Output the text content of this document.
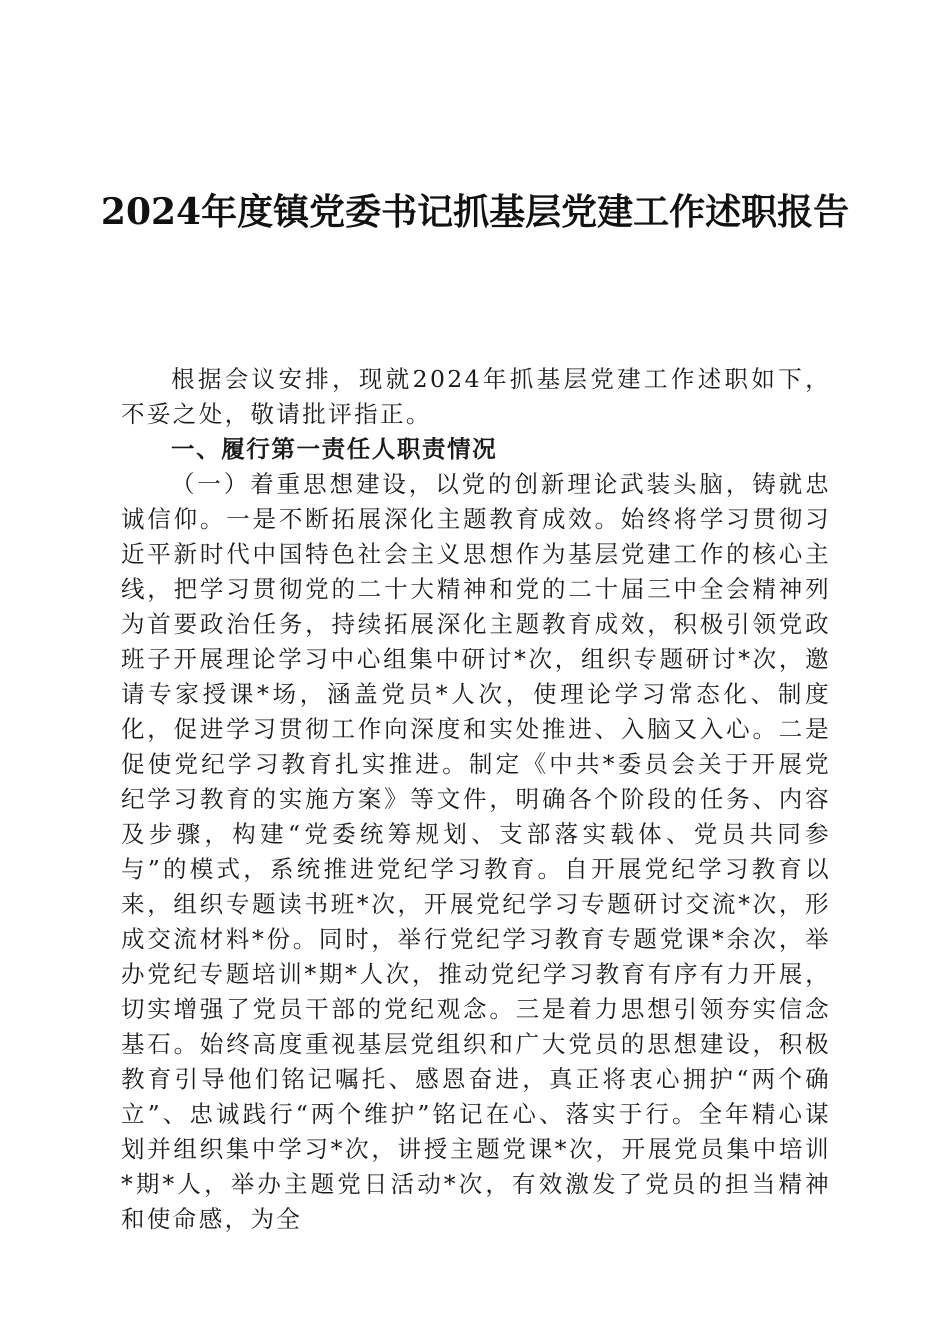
2024年度镇党委书记抓基层党建工作述职报告

根据会议安排，现就2024年抓基层党建工作述职如下，不妥之处，敬请批评指正。

一、履行第一责任人职责情况

（一）着重思想建设，以党的创新理论武装头脑，铸就忠诚信仰。一是不断拓展深化主题教育成效。始终将学习贯彻习近平新时代中国特色社会主义思想作为基层党建工作的核心主线，把学习贯彻党的二十大精神和党的二十届三中全会精神列为首要政治任务，持续拓展深化主题教育成效，积极引领党政班子开展理论学习中心组集中研讨*次，组织专题研讨*次，邀请专家授课*场，涵盖党员*人次，使理论学习常态化、制度化，促进学习贯彻工作向深度和实处推进、入脑又入心。二是促使党纪学习教育扎实推进。制定《中共*委员会关于开展党纪学习教育的实施方案》等文件，明确各个阶段的任务、内容及步骤，构建“党委统筹规划、支部落实载体、党员共同参与”的模式，系统推进党纪学习教育。自开展党纪学习教育以来，组织专题读书班*次，开展党纪学习专题研讨交流*次，形成交流材料*份。同时，举行党纪学习教育专题党课*余次，举办党纪专题培训*期*人次，推动党纪学习教育有序有力开展，切实增强了党员干部的党纪观念。三是着力思想引领夯实信念基石。始终高度重视基层党组织和广大党员的思想建设，积极教育引导他们铭记嘱托、感恩奋进，真正将衷心拥护“两个确立”、忠诚践行“两个维护”铭记在心、落实于行。全年精心谋划并组织集中学习*次，讲授主题党课*次，开展党员集中培训*期*人，举办主题党日活动*次，有效激发了党员的担当精神和使命感，为全
